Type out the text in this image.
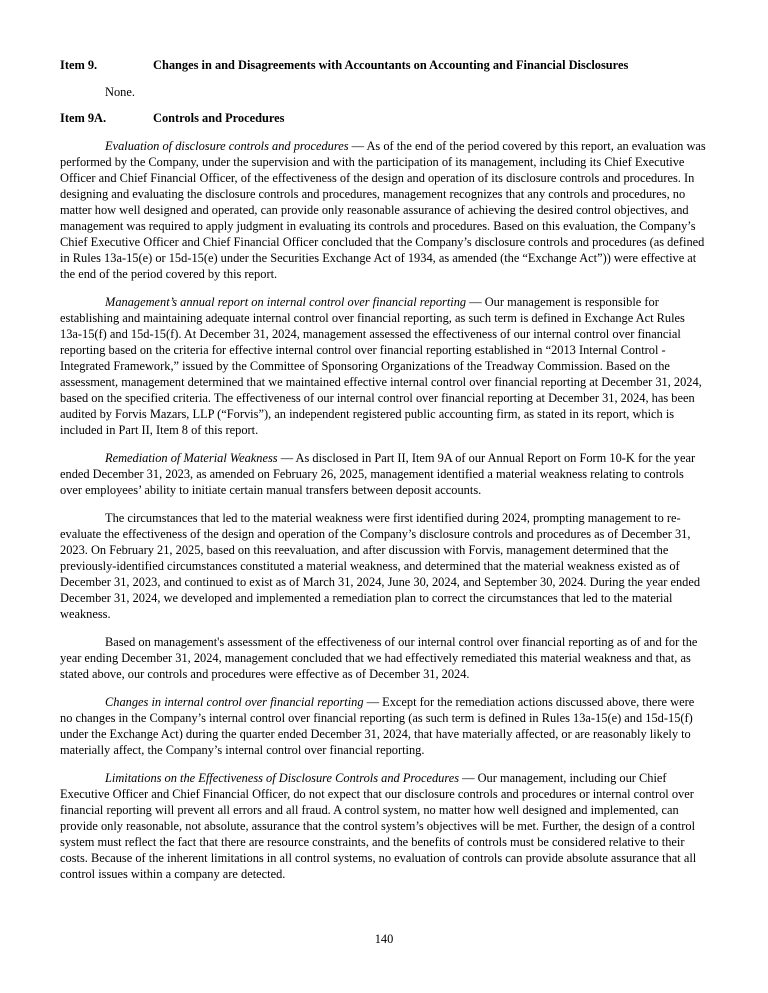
Item 9.	Changes in and Disagreements with Accountants on Accounting and Financial Disclosures

None.

Item 9A.	Controls and Procedures

Evaluation of disclosure controls and procedures — As of the end of the period covered by this report, an evaluation was performed by the Company, under the supervision and with the participation of its management, including its Chief Executive Officer and Chief Financial Officer, of the effectiveness of the design and operation of its disclosure controls and procedures. In designing and evaluating the disclosure controls and procedures, management recognizes that any controls and procedures, no matter how well designed and operated, can provide only reasonable assurance of achieving the desired control objectives, and management was required to apply judgment in evaluating its controls and procedures. Based on this evaluation, the Company’s Chief Executive Officer and Chief Financial Officer concluded that the Company’s disclosure controls and procedures (as defined in Rules 13a-15(e) or 15d-15(e) under the Securities Exchange Act of 1934, as amended (the “Exchange Act”)) were effective at the end of the period covered by this report.

Management’s annual report on internal control over financial reporting — Our management is responsible for establishing and maintaining adequate internal control over financial reporting, as such term is defined in Exchange Act Rules 13a-15(f) and 15d-15(f). At December 31, 2024, management assessed the effectiveness of our internal control over financial reporting based on the criteria for effective internal control over financial reporting established in “2013 Internal Control - Integrated Framework,” issued by the Committee of Sponsoring Organizations of the Treadway Commission. Based on the assessment, management determined that we maintained effective internal control over financial reporting at December 31, 2024, based on the specified criteria. The effectiveness of our internal control over financial reporting at December 31, 2024, has been audited by Forvis Mazars, LLP (“Forvis”), an independent registered public accounting firm, as stated in its report, which is included in Part II, Item 8 of this report.

Remediation of Material Weakness — As disclosed in Part II, Item 9A of our Annual Report on Form 10-K for the year ended December 31, 2023, as amended on February 26, 2025, management identified a material weakness relating to controls over employees’ ability to initiate certain manual transfers between deposit accounts.

The circumstances that led to the material weakness were first identified during 2024, prompting management to re-evaluate the effectiveness of the design and operation of the Company’s disclosure controls and procedures as of December 31, 2023. On February 21, 2025, based on this reevaluation, and after discussion with Forvis, management determined that the previously-identified circumstances constituted a material weakness, and determined that the material weakness existed as of December 31, 2023, and continued to exist as of March 31, 2024, June 30, 2024, and September 30, 2024. During the year ended December 31, 2024, we developed and implemented a remediation plan to correct the circumstances that led to the material weakness.

Based on management's assessment of the effectiveness of our internal control over financial reporting as of and for the year ending December 31, 2024, management concluded that we had effectively remediated this material weakness and that, as stated above, our controls and procedures were effective as of December 31, 2024.

Changes in internal control over financial reporting — Except for the remediation actions discussed above, there were no changes in the Company’s internal control over financial reporting (as such term is defined in Rules 13a-15(e) and 15d-15(f) under the Exchange Act) during the quarter ended December 31, 2024, that have materially affected, or are reasonably likely to materially affect, the Company’s internal control over financial reporting.

Limitations on the Effectiveness of Disclosure Controls and Procedures — Our management, including our Chief Executive Officer and Chief Financial Officer, do not expect that our disclosure controls and procedures or internal control over financial reporting will prevent all errors and all fraud. A control system, no matter how well designed and implemented, can provide only reasonable, not absolute, assurance that the control system’s objectives will be met. Further, the design of a control system must reflect the fact that there are resource constraints, and the benefits of controls must be considered relative to their costs. Because of the inherent limitations in all control systems, no evaluation of controls can provide absolute assurance that all control issues within a company are detected.

140
